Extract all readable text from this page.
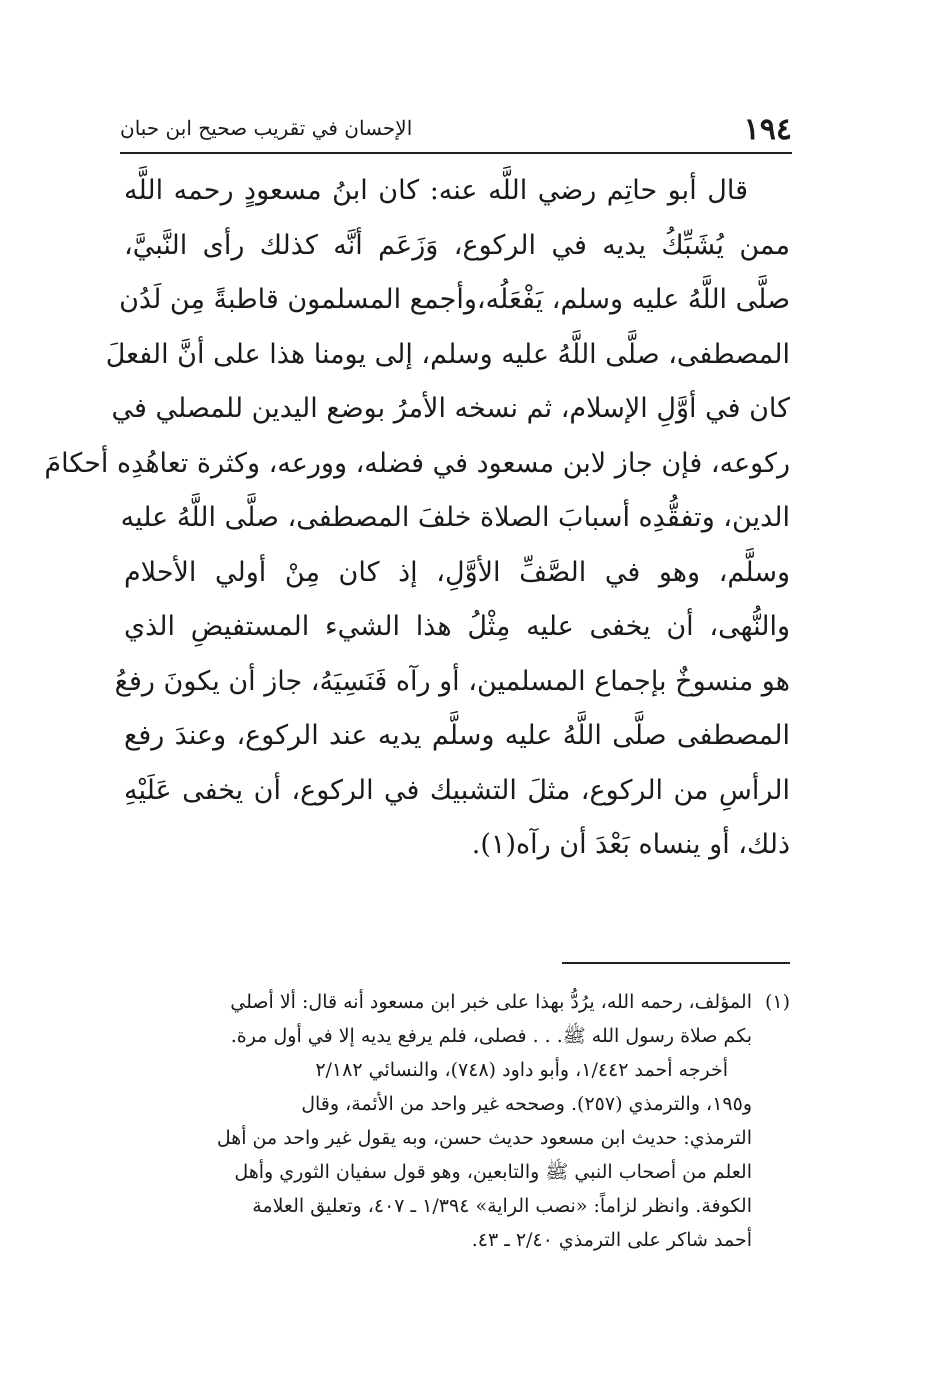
١٩٤
الإحسان في تقريب صحيح ابن حبان
قال أبو حاتِم رضي اللَّه عنه: كان ابنُ مسعودٍ رحمه اللَّه
ممن يُشَبِّكُ يديه في الركوع، وَزَعَم أنَّه كذلك رأى النَّبيَّ،
صلَّى اللَّهُ عليه وسلم، يَفْعَلُه،وأجمع المسلمون قاطبةً مِن لَدُن
المصطفى، صلَّى اللَّهُ عليه وسلم، إلى يومنا هذا على أنَّ الفعلَ
كان في أوَّلِ الإسلام، ثم نسخه الأمرُ بوضع اليدين للمصلي في
ركوعه، فإن جاز لابن مسعود في فضله، وورعه، وكثرة تعاهُدِه أحكامَ
الدين، وتفقُّدِه أسبابَ الصلاة خلفَ المصطفى، صلَّى اللَّهُ عليه
وسلَّم، وهو في الصَّفِّ الأوَّلِ، إذ كان مِنْ أولي الأحلام
والنُّهى، أن يخفى عليه مِثْلُ هذا الشيء المستفيضِ الذي
هو منسوخٌ بإجماع المسلمين، أو رآه فَنَسِيَهُ، جاز أن يكونَ رفعُ
المصطفى صلَّى اللَّهُ عليه وسلَّم يديه عند الركوع، وعندَ رفع
الرأسِ من الركوع، مثلَ التشبيك في الركوع، أن يخفى عَلَيْهِ
ذلك، أو ينساه بَعْدَ أن رآه(١).
(١)المؤلف، رحمه الله، يرُدُّ بهذا على خبر ابن مسعود أنه قال: ألا أصلي
بكم صلاة رسول الله ﷺ. . . فصلى، فلم يرفع يديه إلا في أول مرة.
أخرجه أحمد ١/٤٤٢، وأبو داود (٧٤٨)، والنسائي ٢/١٨٢
و١٩٥، والترمذي (٢٥٧). وصححه غير واحد من الأئمة، وقال
الترمذي: حديث ابن مسعود حديث حسن، وبه يقول غير واحد من أهل
العلم من أصحاب النبي ﷺ والتابعين، وهو قول سفيان الثوري وأهل
الكوفة. وانظر لزاماً: «نصب الراية» ١/٣٩٤ ـ ٤٠٧، وتعليق العلامة
أحمد شاكر على الترمذي ٢/٤٠ ـ ٤٣.
